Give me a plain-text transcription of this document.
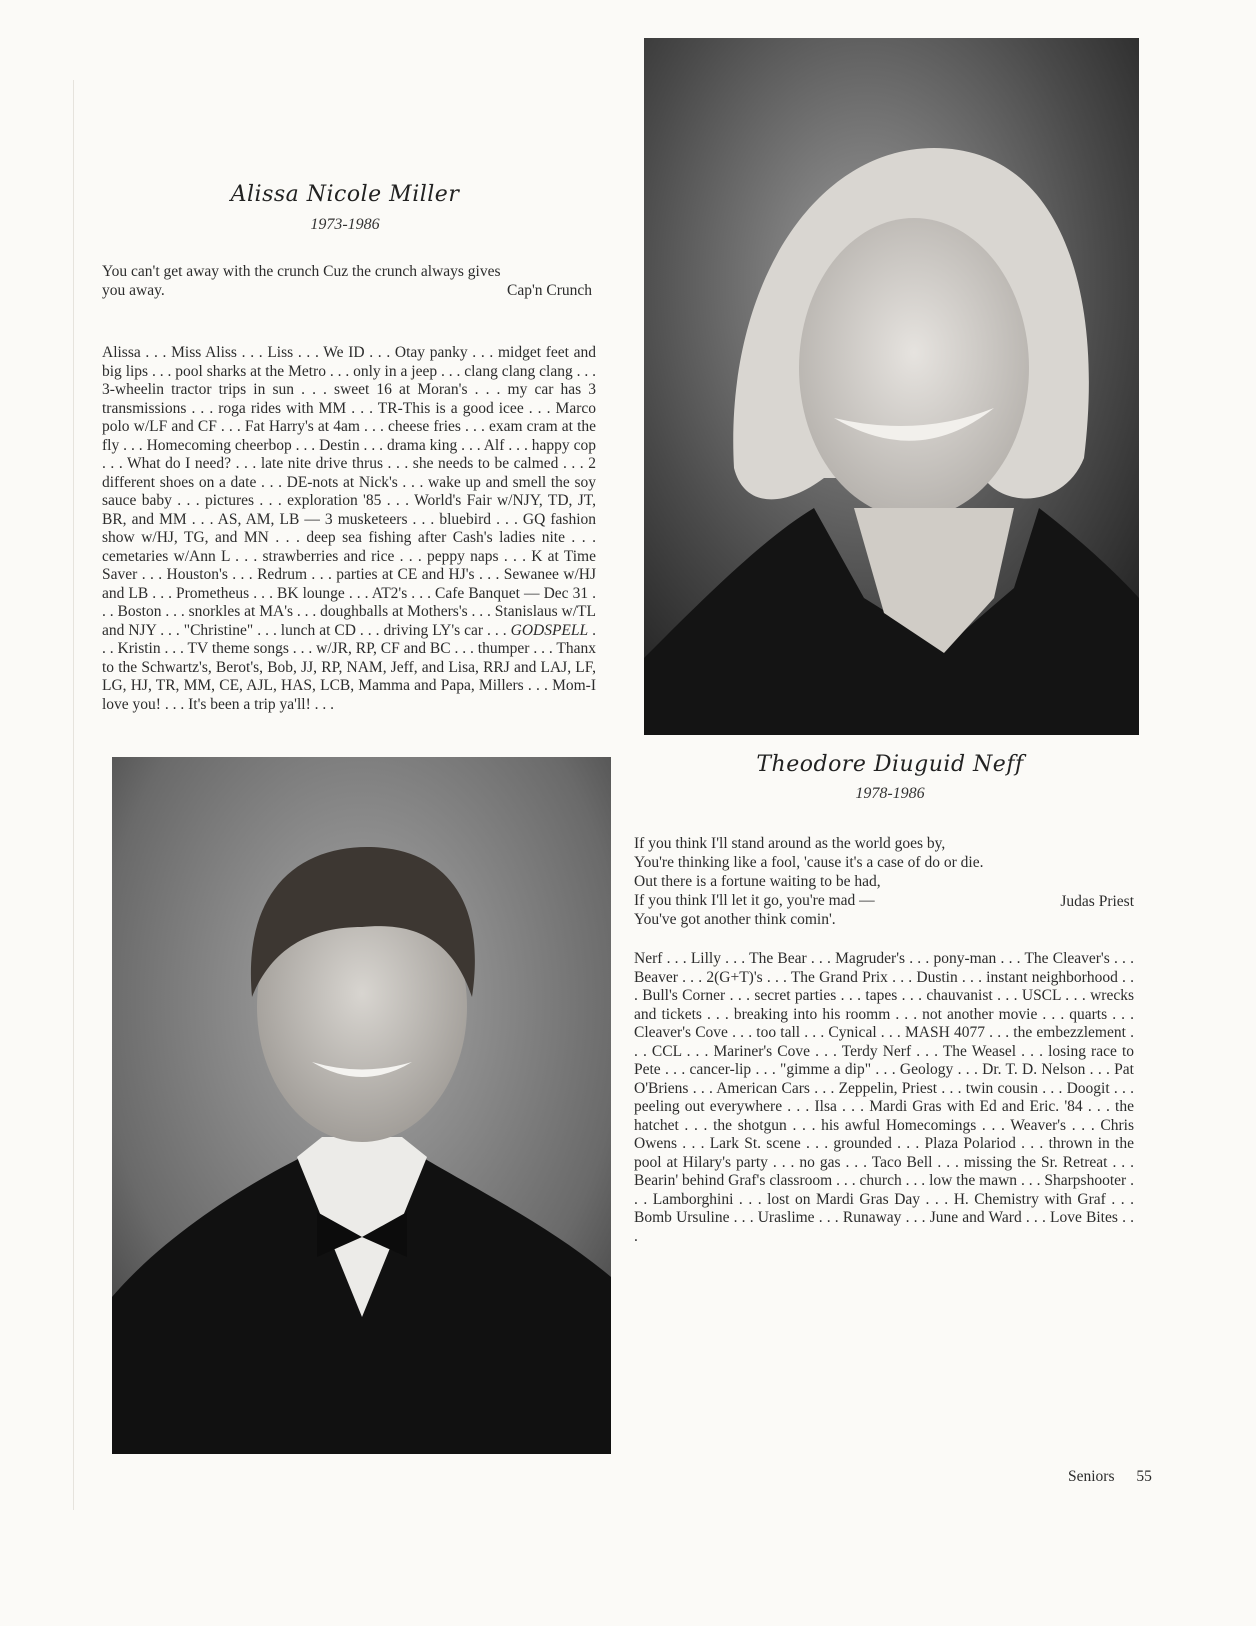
Alissa Nicole Miller
1973-1986
You can't get away with the crunch Cuz the crunch always gives you away.	Cap'n Crunch
Alissa . . . Miss Aliss . . . Liss . . . We ID . . . Otay panky . . . midget feet and big lips . . . pool sharks at the Metro . . . only in a jeep . . . clang clang clang . . . 3-wheelin tractor trips in sun . . . sweet 16 at Moran's . . . my car has 3 transmissions . . . roga rides with MM . . . TR-This is a good icee . . . Marco polo w/LF and CF . . . Fat Harry's at 4am . . . cheese fries . . . exam cram at the fly . . . Homecoming cheerbop . . . Destin . . . drama king . . . Alf . . . happy cop . . . What do I need? . . . late nite drive thrus . . . she needs to be calmed . . . 2 different shoes on a date . . . DE-nots at Nick's . . . wake up and smell the soy sauce baby . . . pictures . . . exploration '85 . . . World's Fair w/NJY, TD, JT, BR, and MM . . . AS, AM, LB — 3 musketeers . . . bluebird . . . GQ fashion show w/HJ, TG, and MN . . . deep sea fishing after Cash's ladies nite . . . cemetaries w/Ann L . . . strawberries and rice . . . peppy naps . . . K at Time Saver . . . Houston's . . . Redrum . . . parties at CE and HJ's . . . Sewanee w/HJ and LB . . . Prometheus . . . BK lounge . . . AT2's . . . Cafe Banquet — Dec 31 . . . Boston . . . snorkles at MA's . . . doughballs at Mothers's . . . Stanislaus w/TL and NJY . . . "Christine" . . . lunch at CD . . . driving LY's car . . . GODSPELL . . . Kristin . . . TV theme songs . . . w/JR, RP, CF and BC . . . thumper . . . Thanx to the Schwartz's, Berot's, Bob, JJ, RP, NAM, Jeff, and Lisa, RRJ and LAJ, LF, LG, HJ, TR, MM, CE, AJL, HAS, LCB, Mamma and Papa, Millers . . . Mom-I love you! . . . It's been a trip ya'll! . . .
Theodore Diuguid Neff
1978-1986
If you think I'll stand around as the world goes by,
You're thinking like a fool, 'cause it's a case of do or die.
Out there is a fortune waiting to be had,
If you think I'll let it go, you're mad —
You've got another think comin'.
Judas Priest
Nerf . . . Lilly . . . The Bear . . . Magruder's . . . pony-man . . . The Cleaver's . . . Beaver . . . 2(G+T)'s . . . The Grand Prix . . . Dustin . . . instant neighborhood . . . Bull's Corner . . . secret parties . . . tapes . . . chauvanist . . . USCL . . . wrecks and tickets . . . breaking into his roomm . . . not another movie . . . quarts . . . Cleaver's Cove . . . too tall . . . Cynical . . . MASH 4077 . . . the embezzlement . . . CCL . . . Mariner's Cove . . . Terdy Nerf . . . The Weasel . . . losing race to Pete . . . cancer-lip . . . "gimme a dip" . . . Geology . . . Dr. T. D. Nelson . . . Pat O'Briens . . . American Cars . . . Zeppelin, Priest . . . twin cousin . . . Doogit . . . peeling out everywhere . . . Ilsa . . . Mardi Gras with Ed and Eric. '84 . . . the hatchet . . . the shotgun . . . his awful Homecomings . . . Weaver's . . . Chris Owens . . . Lark St. scene . . . grounded . . . Plaza Polariod . . . thrown in the pool at Hilary's party . . . no gas . . . Taco Bell . . . missing the Sr. Retreat . . . Bearin' behind Graf's classroom . . . church . . . low the mawn . . . Sharpshooter . . . Lamborghini . . . lost on Mardi Gras Day . . . H. Chemistry with Graf . . . Bomb Ursuline . . . Uraslime . . . Runaway . . . June and Ward . . . Love Bites . . .
Seniors 55
